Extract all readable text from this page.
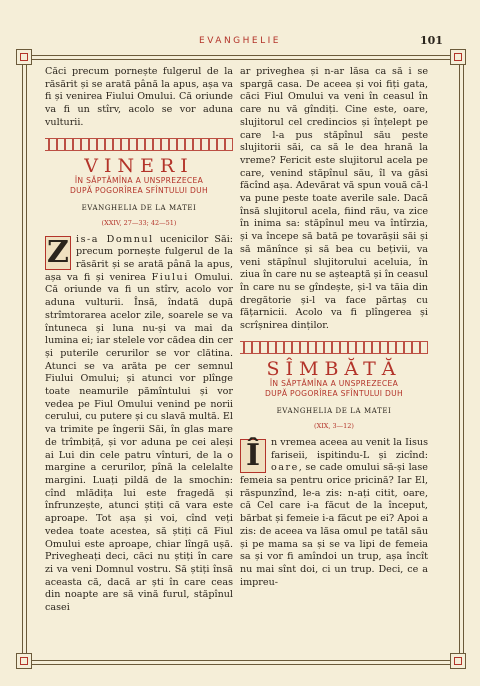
EVANGHELIE	101

Căci precum pornește fulgerul de la răsărit și se arată până la apus, așa va fi și venirea Fiului Omului. Că oriunde va fi un stîrv, acolo se vor aduna vulturii.

VINERI
ÎN SĂPTĂMÎNA A UNSPREZECEA
DUPĂ POGORÎREA SFÎNTULUI DUH
EVANGHELIA DE LA MATEI
(XXIV, 27—33; 42—51)

Z is-a Domnul ucenicilor Săi: precum pornește fulgerul de la răsărit și se arată până la apus, așa va fi și venirea Fiului Omului. Că oriunde va fi un stîrv, acolo vor aduna vulturii. Însă, îndată după strîmtorarea acelor zile, soarele se va întuneca și luna nu-și va mai da lumina ei; iar stelele vor cădea din cer și puterile cerurilor se vor clătina. Atunci se va arăta pe cer semnul Fiului Omului; și atunci vor plînge toate neamurile pămîntului și vor vedea pe Fiul Omului venind pe norii cerului, cu putere și cu slavă multă. El va trimite pe îngerii Săi, în glas mare de trîmbiță, și vor aduna pe cei aleși ai Lui din cele patru vînturi, de la o margine a cerurilor, pînă la celelalte margini. Luați pildă de la smochin: cînd mlădița lui este fragedă și înfrunzește, atunci știți că vara este aproape. Tot așa și voi, cînd veți vedea toate acestea, să știți că Fiul Omului este aproape, chiar lîngă ușă. Privegheați deci, căci nu știți în care zi va veni Domnul vostru. Să știți însă aceasta că, dacă ar ști în care ceas din noapte are să vină furul, stăpînul casei

ar priveghea și n-ar lăsa ca să i se spargă casa. De aceea și voi fiți gata, căci Fiul Omului va veni în ceasul în care nu vă gîndiți. Cine este, oare, slujitorul cel credincios și înțelept pe care l-a pus stăpînul său peste slujitorii săi, ca să le dea hrană la vreme? Fericit este slujitorul acela pe care, venind stăpînul său, îl va găsi făcînd așa. Adevărat vă spun vouă că-l va pune peste toate averile sale. Dacă însă slujitorul acela, fiind rău, va zice în inima sa: stăpînul meu va întîrzia, și va începe să bată pe tovarășii săi și să mănînce și să bea cu bețivii, va veni stăpînul slujitorului aceluia, în ziua în care nu se așteaptă și în ceasul în care nu se gîndește, și-l va tăia din dregătorie și-l va face părtaș cu fățarnicii. Acolo va fi plîngerea și scrîșnirea dinților.

SÎMBĂTĂ
ÎN SĂPTĂMÎNA A UNSPREZECEA
DUPĂ POGORÎREA SFÎNTULUI DUH
EVANGHELIA DE LA MATEI
(XIX, 3—12)

Î	n vremea aceea au venit la Iisus fariseii, ispitindu-L și zicînd: oare, se cade omului să-și lase femeia sa pentru orice pricină? Iar El, răspunzînd, le-a zis: n-ați citit, oare, că Cel care i-a făcut de la început, bărbat și femeie i-a făcut pe ei? Apoi a zis: de aceea va lăsa omul pe tatăl său și pe mama sa și se va lipi de femeia sa și vor fi amîndoi un trup, așa încît nu mai sînt doi, ci un trup. Deci, ce a impreu-
